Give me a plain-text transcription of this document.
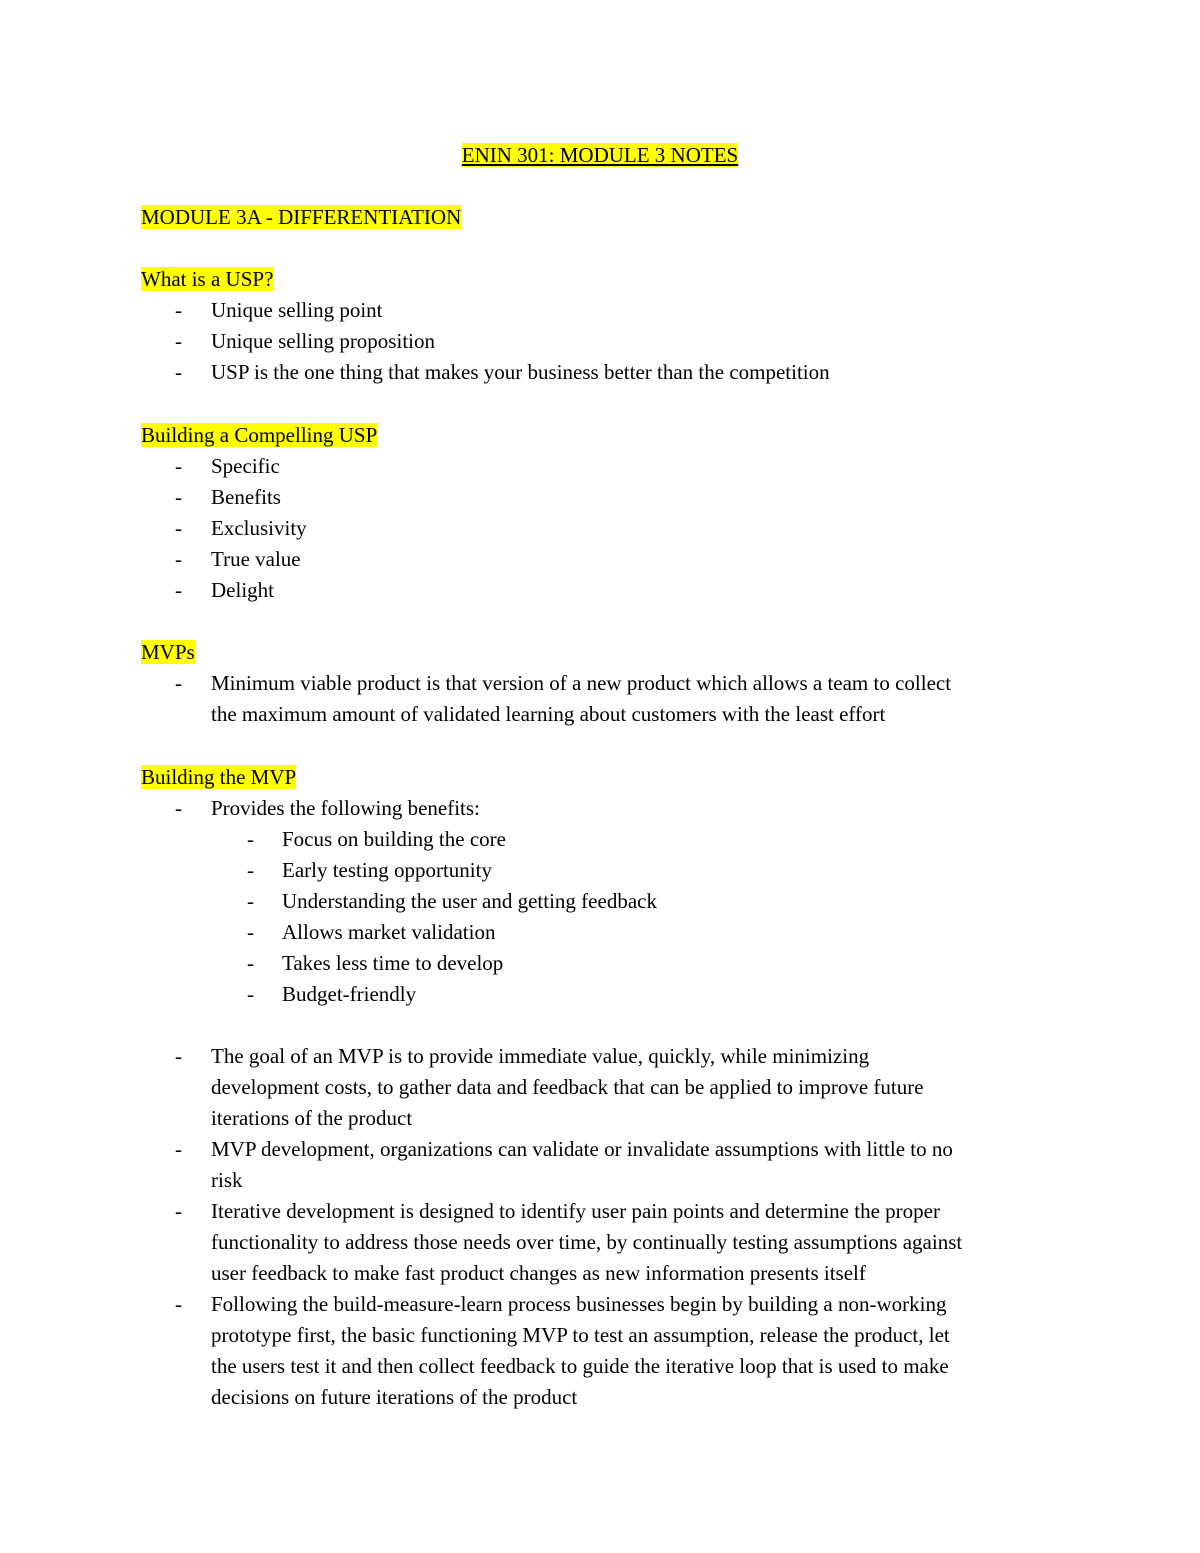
ENIN 301: MODULE 3 NOTES
MODULE 3A - DIFFERENTIATION
What is a USP?
- Unique selling point
- Unique selling proposition
- USP is the one thing that makes your business better than the competition
Building a Compelling USP
- Specific
- Benefits
- Exclusivity
- True value
- Delight
MVPs
- Minimum viable product is that version of a new product which allows a team to collect
the maximum amount of validated learning about customers with the least effort
Building the MVP
- Provides the following benefits:
- Focus on building the core
- Early testing opportunity
- Understanding the user and getting feedback
- Allows market validation
- Takes less time to develop
- Budget-friendly
- The goal of an MVP is to provide immediate value, quickly, while minimizing
development costs, to gather data and feedback that can be applied to improve future
iterations of the product
- MVP development, organizations can validate or invalidate assumptions with little to no
risk
- Iterative development is designed to identify user pain points and determine the proper
functionality to address those needs over time, by continually testing assumptions against
user feedback to make fast product changes as new information presents itself
- Following the build-measure-learn process businesses begin by building a non-working
prototype first, the basic functioning MVP to test an assumption, release the product, let
the users test it and then collect feedback to guide the iterative loop that is used to make
decisions on future iterations of the product
